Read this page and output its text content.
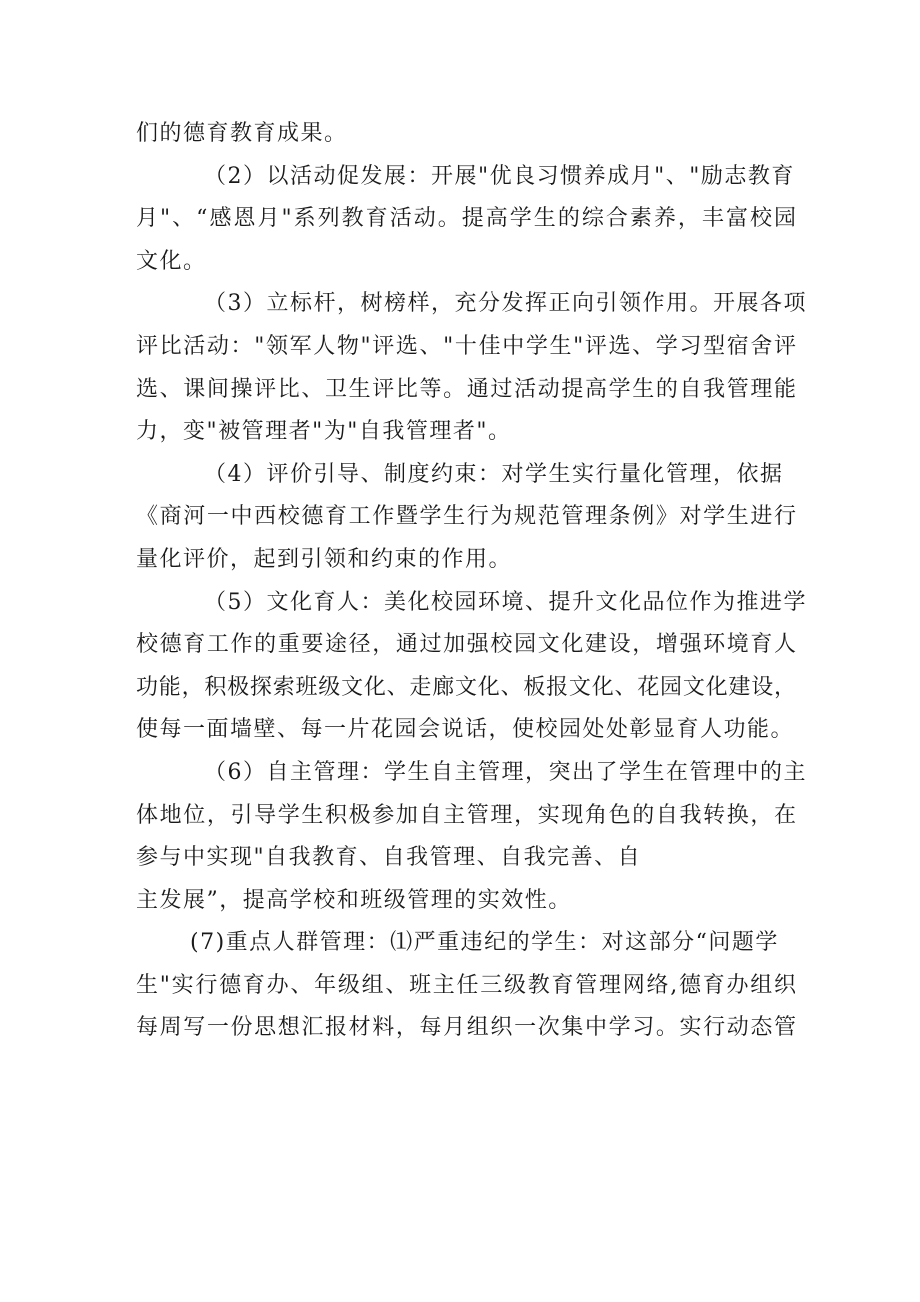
们的德育教育成果。
（2）以活动促发展：开展"优良习惯养成月"、"励志教育
月"、“感恩月"系列教育活动。提高学生的综合素养，丰富校园
文化。
（3）立标杆，树榜样，充分发挥正向引领作用。开展各项
评比活动："领军人物"评选、"十佳中学生"评选、学习型宿舍评
选、课间操评比、卫生评比等。通过活动提高学生的自我管理能
力，变"被管理者"为"自我管理者"。
（4）评价引导、制度约束：对学生实行量化管理，依据
《商河一中西校德育工作暨学生行为规范管理条例》对学生进行
量化评价，起到引领和约束的作用。
（5）文化育人：美化校园环境、提升文化品位作为推进学
校德育工作的重要途径，通过加强校园文化建设，增强环境育人
功能，积极探索班级文化、走廊文化、板报文化、花园文化建设，
使每一面墙壁、每一片花园会说话，使校园处处彰显育人功能。
（6）自主管理：学生自主管理，突出了学生在管理中的主
体地位，引导学生积极参加自主管理，实现角色的自我转换，在
参与中实现"自我教育、自我管理、自我完善、自
主发展”，提高学校和班级管理的实效性。
(7)重点人群管理：⑴严重违纪的学生：对这部分“问题学
生"实行德育办、年级组、班主任三级教育管理网络,德育办组织
每周写一份思想汇报材料，每月组织一次集中学习。实行动态管
